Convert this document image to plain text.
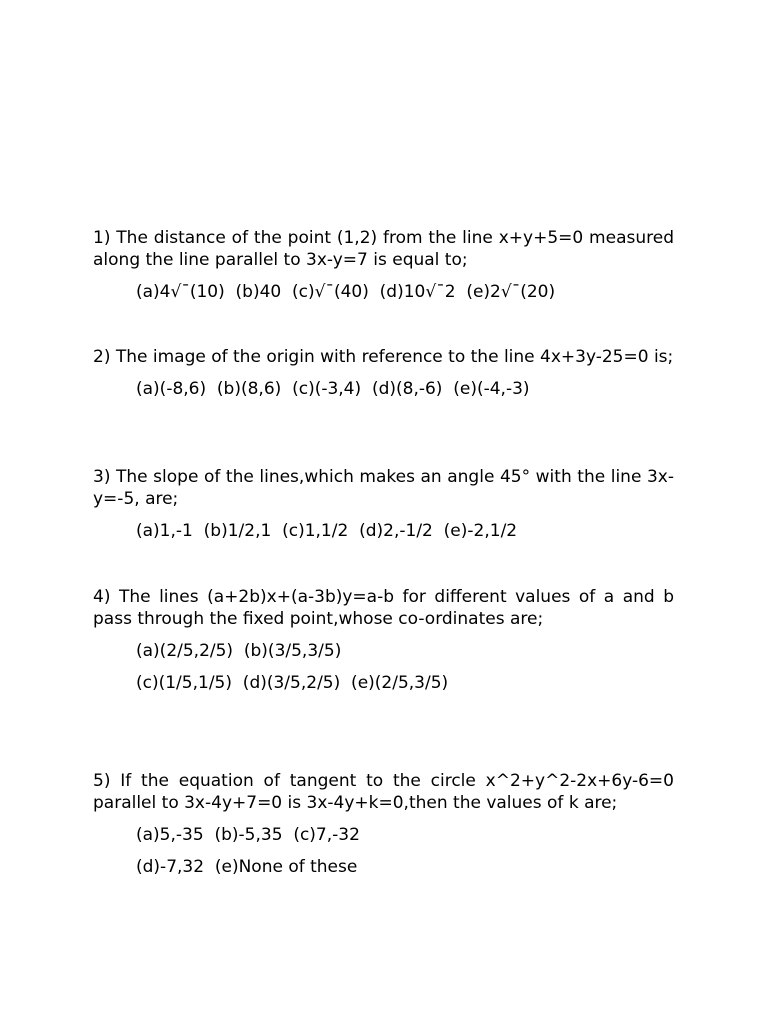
1) The distance of the point (1,2) from the line x+y+5=0 measured along the line parallel to 3x-y=7 is equal to;

(a)4√¯(10)  (b)40  (c)√¯(40)  (d)10√¯2  (e)2√¯(20)

2) The image of the origin with reference to the line 4x+3y-25=0 is;

(a)(-8,6)  (b)(8,6)  (c)(-3,4)  (d)(8,-6)  (e)(-4,-3)

3) The slope of the lines,which makes an angle 45° with the line 3x-y=-5, are;

(a)1,-1  (b)1/2,1  (c)1,1/2  (d)2,-1/2  (e)-2,1/2

4) The lines (a+2b)x+(a-3b)y=a-b for different values of a and b pass through the fixed point,whose co-ordinates are;

(a)(2/5,2/5)  (b)(3/5,3/5)
(c)(1/5,1/5)  (d)(3/5,2/5)  (e)(2/5,3/5)

5) If the equation of tangent to the circle x^2+y^2-2x+6y-6=0 parallel to 3x-4y+7=0 is 3x-4y+k=0,then the values of k are;

(a)5,-35  (b)-5,35  (c)7,-32
(d)-7,32  (e)None of these
